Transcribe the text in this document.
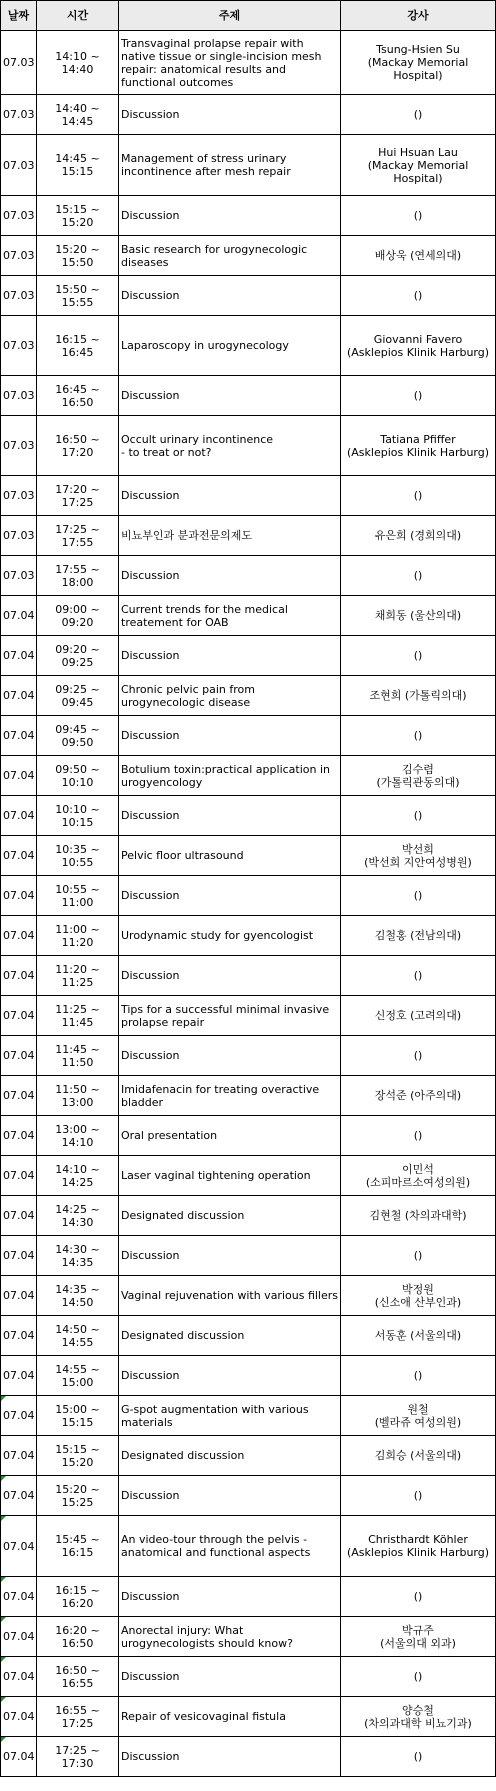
날짜	시간	주제	강사
07.03	14:10 ~ 14:40	Transvaginal prolapse repair with native tissue or single-incision mesh repair: anatomical results and functional outcomes	Tsung-Hsien Su
(Mackay Memorial Hospital)
07.03	14:40 ~ 14:45	Discussion	()
07.03	14:45 ~ 15:15	Management of stress urinary incontinence after mesh repair	Hui Hsuan Lau
(Mackay Memorial Hospital)
07.03	15:15 ~ 15:20	Discussion	()
07.03	15:20 ~ 15:50	Basic research for urogynecologic diseases	배상욱 (연세의대)
07.03	15:50 ~ 15:55	Discussion	()
07.03	16:15 ~ 16:45	Laparoscopy in urogynecology	Giovanni Favero
(Asklepios Klinik Harburg)
07.03	16:45 ~ 16:50	Discussion	()
07.03	16:50 ~ 17:20	Occult urinary incontinence
- to treat or not?	Tatiana Pfiffer
(Asklepios Klinik Harburg)
07.03	17:20 ~ 17:25	Discussion	()
07.03	17:25 ~ 17:55	비뇨부인과 분과전문의제도	유은희 (경희의대)
07.03	17:55 ~ 18:00	Discussion	()
07.04	09:00 ~ 09:20	Current trends for the medical treatement for OAB	채희동 (울산의대)
07.04	09:20 ~ 09:25	Discussion	()
07.04	09:25 ~ 09:45	Chronic pelvic pain from urogynecologic disease	조현희 (가톨릭의대)
07.04	09:45 ~ 09:50	Discussion	()
07.04	09:50 ~ 10:10	Botulium toxin:practical application in urogyencology	김수렴
(가톨릭관동의대)
07.04	10:10 ~ 10:15	Discussion	()
07.04	10:35 ~ 10:55	Pelvic floor ultrasound	박선희
(박선희 지안여성병원)
07.04	10:55 ~ 11:00	Discussion	()
07.04	11:00 ~ 11:20	Urodynamic study for gyencologist	김철홍 (전남의대)
07.04	11:20 ~ 11:25	Discussion	()
07.04	11:25 ~ 11:45	Tips for a successful minimal invasive prolapse repair	신정호 (고려의대)
07.04	11:45 ~ 11:50	Discussion	()
07.04	11:50 ~ 13:00	Imidafenacin for treating overactive bladder	장석준 (아주의대)
07.04	13:00 ~ 14:10	Oral presentation	()
07.04	14:10 ~ 14:25	Laser vaginal tightening operation	이민석
(소피마르소여성의원)
07.04	14:25 ~ 14:30	Designated discussion	김현철 (차의과대학)
07.04	14:30 ~ 14:35	Discussion	()
07.04	14:35 ~ 14:50	Vaginal rejuvenation with various fillers	박정원
(신소애 산부인과)
07.04	14:50 ~ 14:55	Designated discussion	서동훈 (서울의대)
07.04	14:55 ~ 15:00	Discussion	()
07.04	15:00 ~ 15:15	G-spot augmentation with various materials	원철
(벨라쥬 여성의원)
07.04	15:15 ~ 15:20	Designated discussion	김희승 (서울의대)
07.04	15:20 ~ 15:25	Discussion	()
07.04	15:45 ~ 16:15	An video-tour through the pelvis - anatomical and functional aspects	Christhardt Köhler
(Asklepios Klinik Harburg)
07.04	16:15 ~ 16:20	Discussion	()
07.04	16:20 ~ 16:50	Anorectal injury: What urogynecologists should know?	박규주
(서울의대 외과)
07.04	16:50 ~ 16:55	Discussion	()
07.04	16:55 ~ 17:25	Repair of vesicovaginal fistula	양승철
(차의과대학 비뇨기과)
07.04	17:25 ~ 17:30	Discussion	()
